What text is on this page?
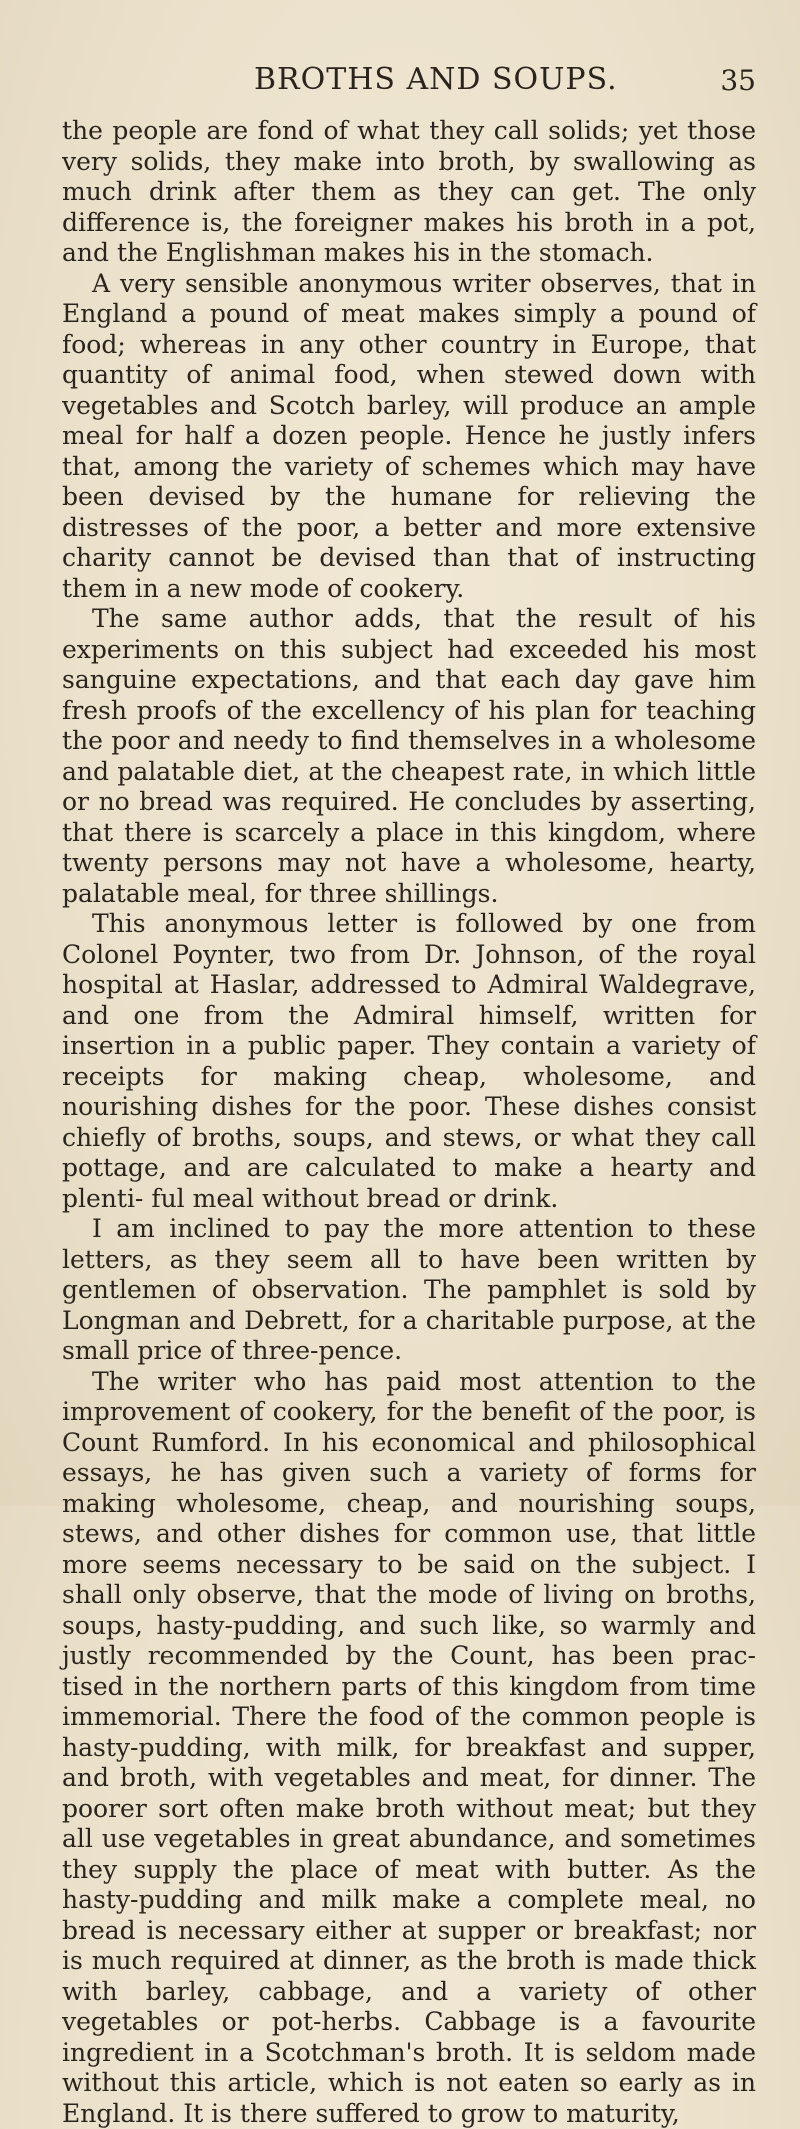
BROTHS AND SOUPS.	35

the people are fond of what they call solids; yet those very solids, they make into broth, by swallowing as much drink after them as they can get. The only difference is, the foreigner makes his broth in a pot, and the Englishman makes his in the stomach.

A very sensible anonymous writer observes, that in England a pound of meat makes simply a pound of food; whereas in any other country in Europe, that quantity of animal food, when stewed down with vegetables and Scotch barley, will produce an ample meal for half a dozen people. Hence he justly infers that, among the variety of schemes which may have been devised by the humane for relieving the distresses of the poor, a better and more extensive charity cannot be devised than that of instructing them in a new mode of cookery.

The same author adds, that the result of his experiments on this subject had exceeded his most sanguine expectations, and that each day gave him fresh proofs of the excellency of his plan for teaching the poor and needy to find themselves in a wholesome and palatable diet, at the cheapest rate, in which little or no bread was required. He concludes by asserting, that there is scarcely a place in this kingdom, where twenty persons may not have a wholesome, hearty, palatable meal, for three shillings.

This anonymous letter is followed by one from Colonel Poynter, two from Dr. Johnson, of the royal hospital at Haslar, addressed to Admiral Waldegrave, and one from the Admiral himself, written for insertion in a public paper. They contain a variety of receipts for making cheap, wholesome, and nourishing dishes for the poor. These dishes consist chiefly of broths, soups, and stews, or what they call pottage, and are calculated to make a hearty and plenti- ful meal without bread or drink.

I am inclined to pay the more attention to these letters, as they seem all to have been written by gentlemen of observation. The pamphlet is sold by Longman and Debrett, for a charitable purpose, at the small price of three-pence.

The writer who has paid most attention to the improvement of cookery, for the benefit of the poor, is Count Rumford. In his economical and philosophical essays, he has given such a variety of forms for making wholesome, cheap, and nourishing soups, stews, and other dishes for common use, that little more seems necessary to be said on the subject. I shall only observe, that the mode of living on broths, soups, hasty-pudding, and such like, so warmly and justly recommended by the Count, has been prac- tised in the northern parts of this kingdom from time immemorial. There the food of the common people is hasty-pudding, with milk, for breakfast and supper, and broth, with vegetables and meat, for dinner. The poorer sort often make broth without meat; but they all use vegetables in great abundance, and sometimes they supply the place of meat with butter. As the hasty-pudding and milk make a complete meal, no bread is necessary either at supper or breakfast; nor is much required at dinner, as the broth is made thick with barley, cabbage, and a variety of other vegetables or pot-herbs. Cabbage is a favourite ingredient in a Scotchman's broth. It is seldom made without this article, which is not eaten so early as in England. It is there suffered to grow to maturity,
